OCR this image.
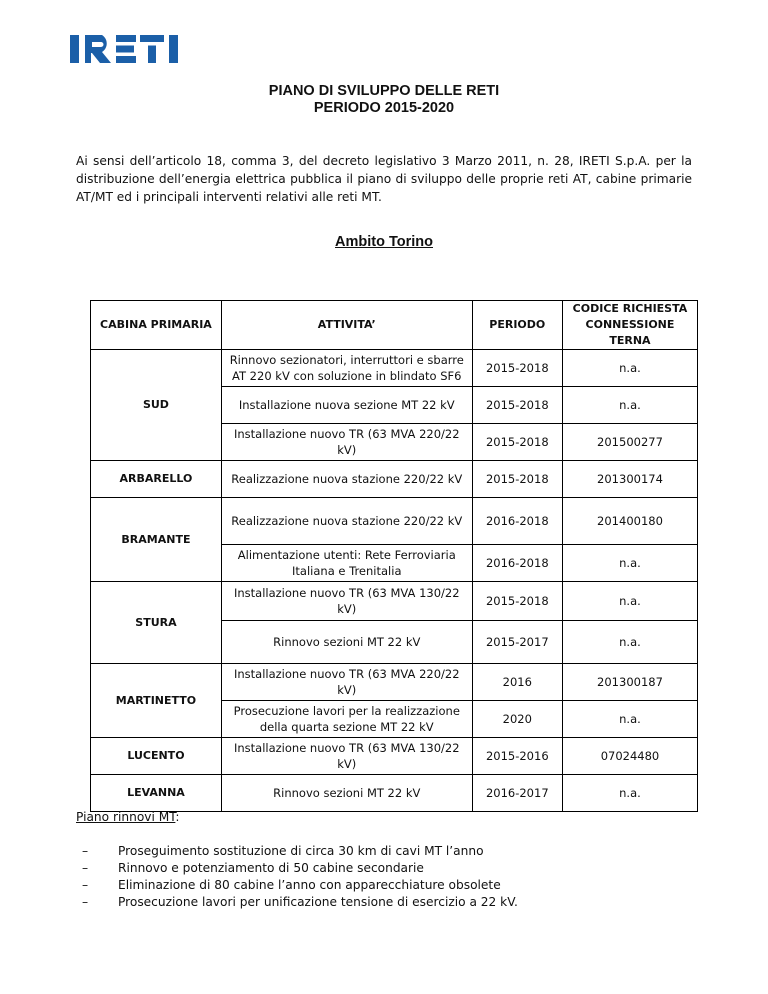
PIANO DI SVILUPPO DELLE RETI
PERIODO 2015-2020
Ai sensi dell’articolo 18, comma 3, del decreto legislativo 3 Marzo 2011, n. 28, IRETI S.p.A. per la distribuzione dell’energia elettrica pubblica il piano di sviluppo delle proprie reti AT, cabine primarie AT/MT ed i principali interventi relativi alle reti MT.
Ambito Torino
CABINA PRIMARIA	ATTIVITA’	PERIODO	CODICE RICHIESTA CONNESSIONE TERNA
SUD	Rinnovo sezionatori, interruttori e sbarre AT 220 kV con soluzione in blindato SF6	2015-2018	n.a.
	Installazione nuova sezione MT 22 kV	2015-2018	n.a.
	Installazione nuovo TR (63 MVA 220/22 kV)	2015-2018	201500277
ARBARELLO	Realizzazione nuova stazione 220/22 kV	2015-2018	201300174
BRAMANTE	Realizzazione nuova stazione 220/22 kV	2016-2018	201400180
	Alimentazione utenti: Rete Ferroviaria Italiana e Trenitalia	2016-2018	n.a.
STURA	Installazione nuovo TR (63 MVA 130/22 kV)	2015-2018	n.a.
	Rinnovo sezioni MT 22 kV	2015-2017	n.a.
MARTINETTO	Installazione nuovo TR (63 MVA 220/22 kV)	2016	201300187
	Prosecuzione lavori per la realizzazione della quarta sezione MT 22 kV	2020	n.a.
LUCENTO	Installazione nuovo TR (63 MVA 130/22 kV)	2015-2016	07024480
LEVANNA	Rinnovo sezioni MT 22 kV	2016-2017	n.a.
Piano rinnovi MT:
– Proseguimento sostituzione di circa 30 km di cavi MT l’anno
– Rinnovo e potenziamento di 50 cabine secondarie
– Eliminazione di 80 cabine l’anno con apparecchiature obsolete
– Prosecuzione lavori per unificazione tensione di esercizio a 22 kV.
